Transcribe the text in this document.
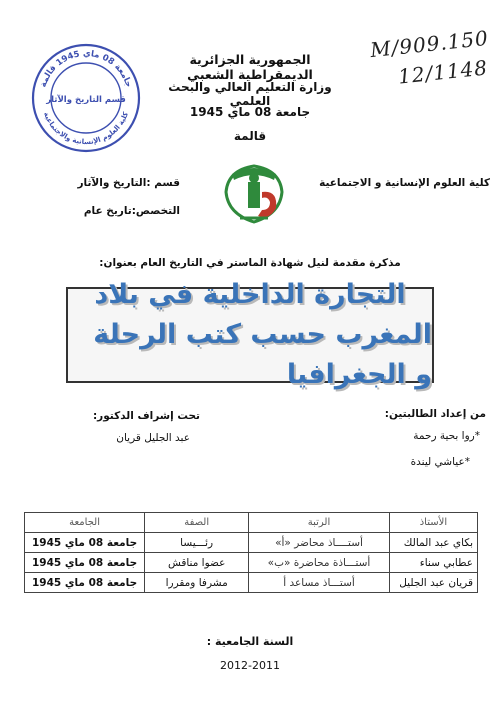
جامعة 08 ماي 1945 قالمة
كلية العلوم الإنسانية والاجتماعية
قسم التاريخ والآثار
الجمهورية الجزائرية الديمقراطية الشعبي
وزارة التعليم العالي والبحث العلمي
جامعة 08 ماي 1945
قالمة
M/909.150
12/1148
كلية العلوم الإنسانية و الاجتماعية
قسم :التاريخ والآثار
التخصص:تاريخ عام
مذكرة مقدمة لنيل شهادة الماستر في التاريخ العام بعنوان:
التجارة الداخلية في بلاد
المغرب حسب كتب الرحلة و الجغرافيا
من إعداد الطالبتين:
*روا بحية رحمة
*عياشي ليندة
تحت إشراف الدكتور:
عبد الجليل قريان
الأستاذ	الرتبة	الصفة	الجامعة
بكاي عبد المالك	أستــــاذ محاضر «أ»	رئـــيسا	جامعة 08 ماي 1945
عطابي سناء	أستـــاذة محاضرة «ب»	عضوا مناقش	جامعة 08 ماي 1945
قريان عبد الجليل	أستـــاذ مساعد أ	مشرفا ومقررا	جامعة 08 ماي 1945
السنة الجامعية :
2012-2011
